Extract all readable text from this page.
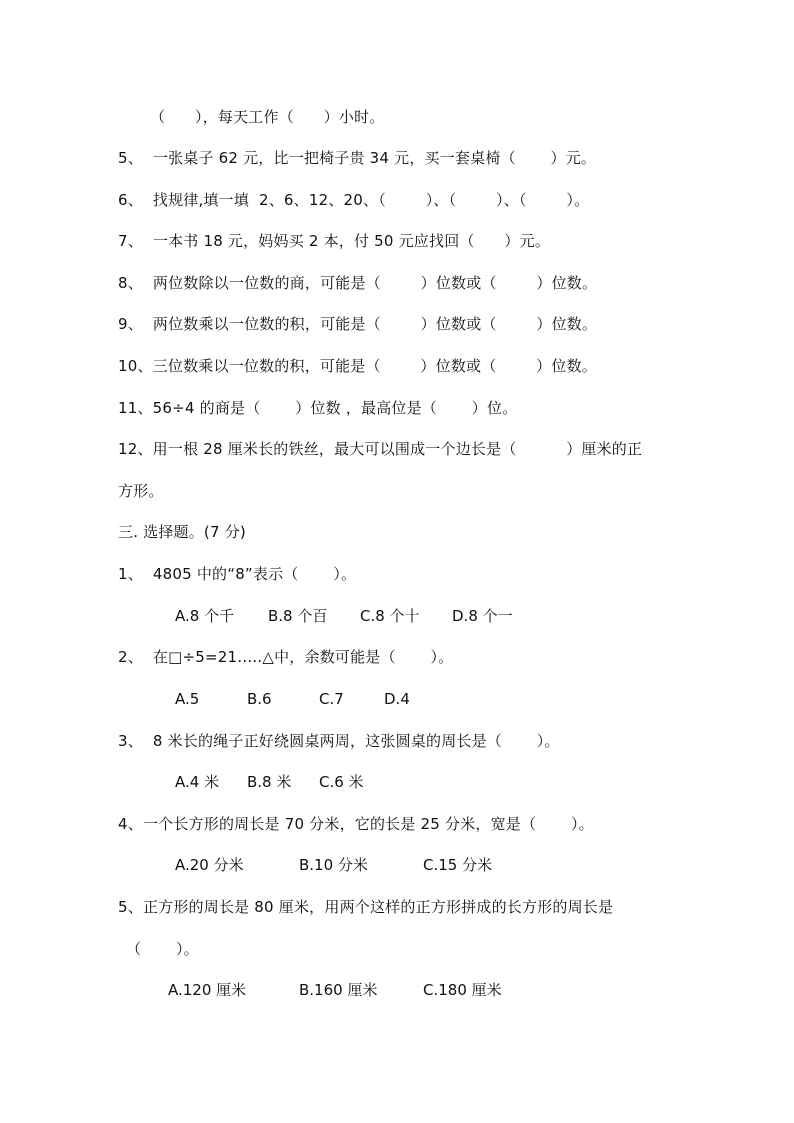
（      ），每天工作（      ）小时。
5、  一张桌子 62 元，比一把椅子贵 34 元，买一套桌椅（       ）元。
6、  找规律,填一填  2、6、12、20、（        ）、（        ）、（        ）。
7、  一本书 18 元，妈妈买 2 本，付 50 元应找回（      ）元。
8、  两位数除以一位数的商，可能是（        ）位数或（        ）位数。
9、  两位数乘以一位数的积，可能是（        ）位数或（        ）位数。
10、三位数乘以一位数的积，可能是（        ）位数或（        ）位数。
11、56÷4 的商是（       ）位数 ，最高位是（       ）位。
12、用一根 28 厘米长的铁丝，最大可以围成一个边长是（          ）厘米的正
方形。
三. 选择题。(7 分)
1、  4805 中的“8”表示（       ）。
A.8 个千 B.8 个百 C.8 个十 D.8 个一
2、  在□÷5=21…..△中，余数可能是（       ）。
A.5	B.6	C.7	D.4
3、  8 米长的绳子正好绕圆桌两周，这张圆桌的周长是（       ）。
A.4 米 B.8 米 C.6 米
4、一个长方形的周长是 70 分米，它的长是 25 分米，宽是（       ）。
A.20 分米	B.10 分米	C.15 分米
5、正方形的周长是 80 厘米，用两个这样的正方形拼成的长方形的周长是
（       ）。
A.120 厘米	B.160 厘米	C.180 厘米
